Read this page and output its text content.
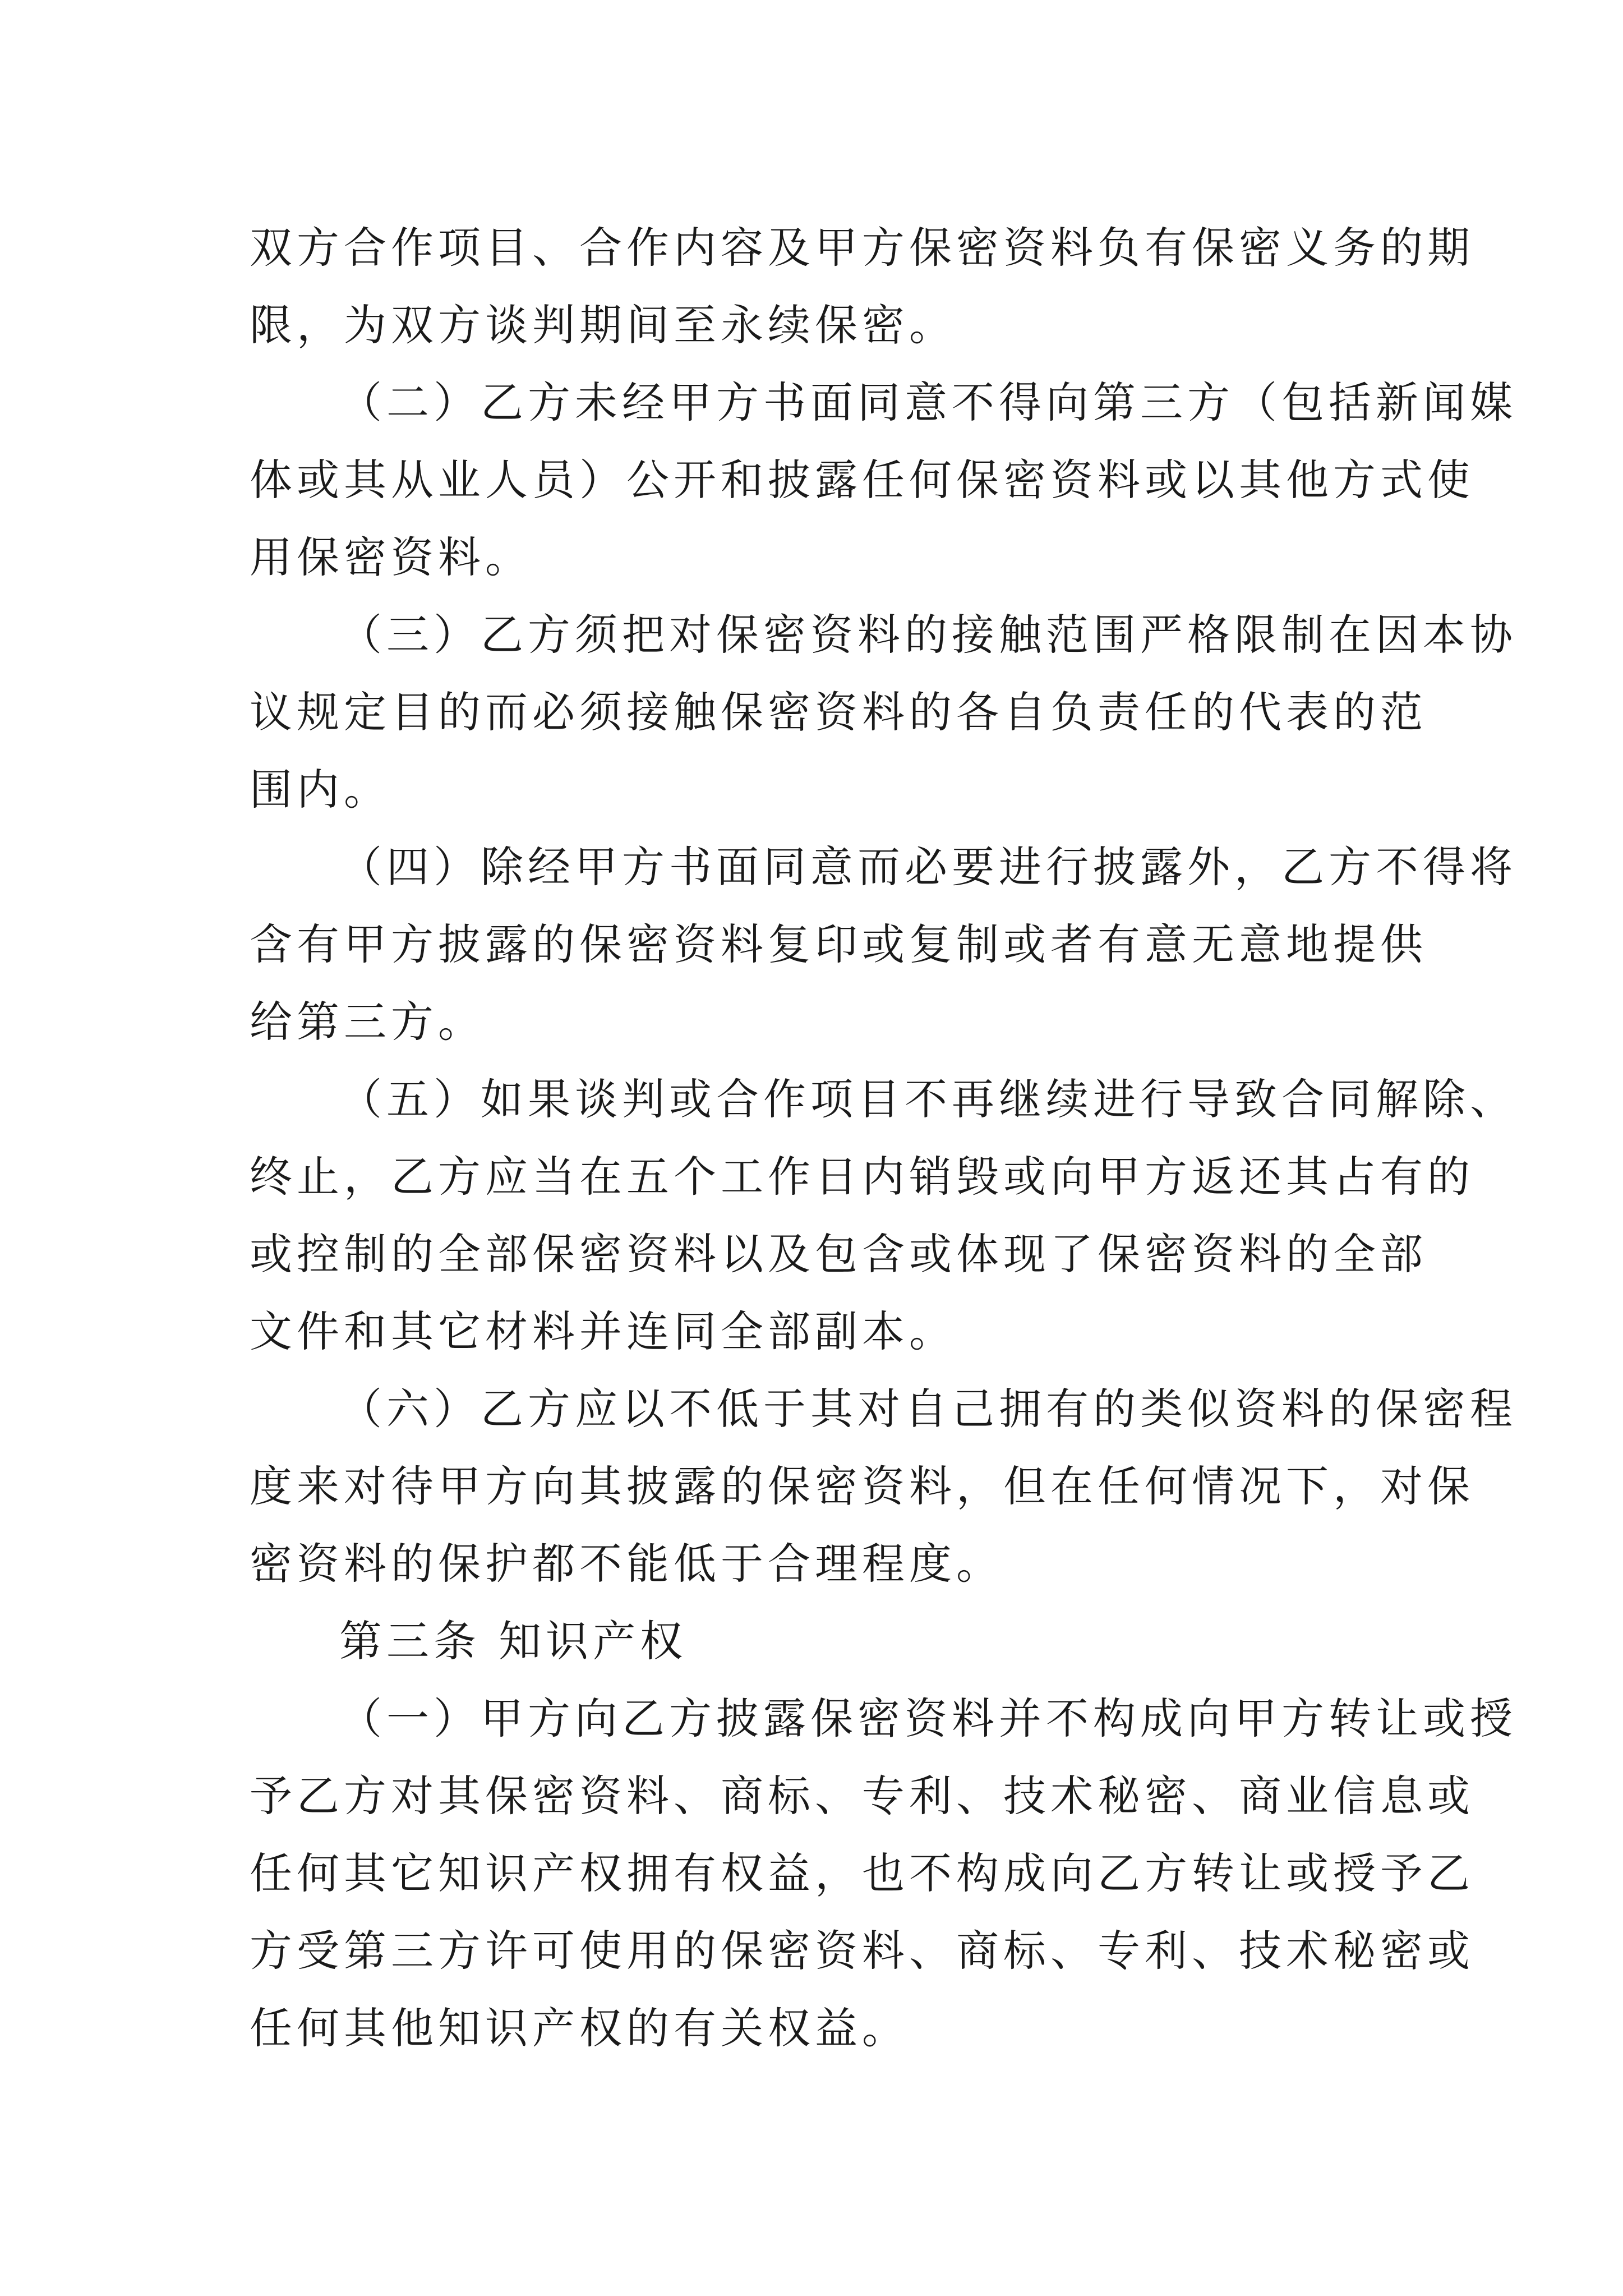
双方合作项目、合作内容及甲方保密资料负有保密义务的期
限，为双方谈判期间至永续保密。
（二）乙方未经甲方书面同意不得向第三方（包括新闻媒
体或其从业人员）公开和披露任何保密资料或以其他方式使
用保密资料。
（三）乙方须把对保密资料的接触范围严格限制在因本协
议规定目的而必须接触保密资料的各自负责任的代表的范
围内。
（四）除经甲方书面同意而必要进行披露外，乙方不得将
含有甲方披露的保密资料复印或复制或者有意无意地提供
给第三方。
（五）如果谈判或合作项目不再继续进行导致合同解除、
终止，乙方应当在五个工作日内销毁或向甲方返还其占有的
或控制的全部保密资料以及包含或体现了保密资料的全部
文件和其它材料并连同全部副本。
（六）乙方应以不低于其对自己拥有的类似资料的保密程
度来对待甲方向其披露的保密资料，但在任何情况下，对保
密资料的保护都不能低于合理程度。
第三条 知识产权
（一）甲方向乙方披露保密资料并不构成向甲方转让或授
予乙方对其保密资料、商标、专利、技术秘密、商业信息或
任何其它知识产权拥有权益，也不构成向乙方转让或授予乙
方受第三方许可使用的保密资料、商标、专利、技术秘密或
任何其他知识产权的有关权益。
